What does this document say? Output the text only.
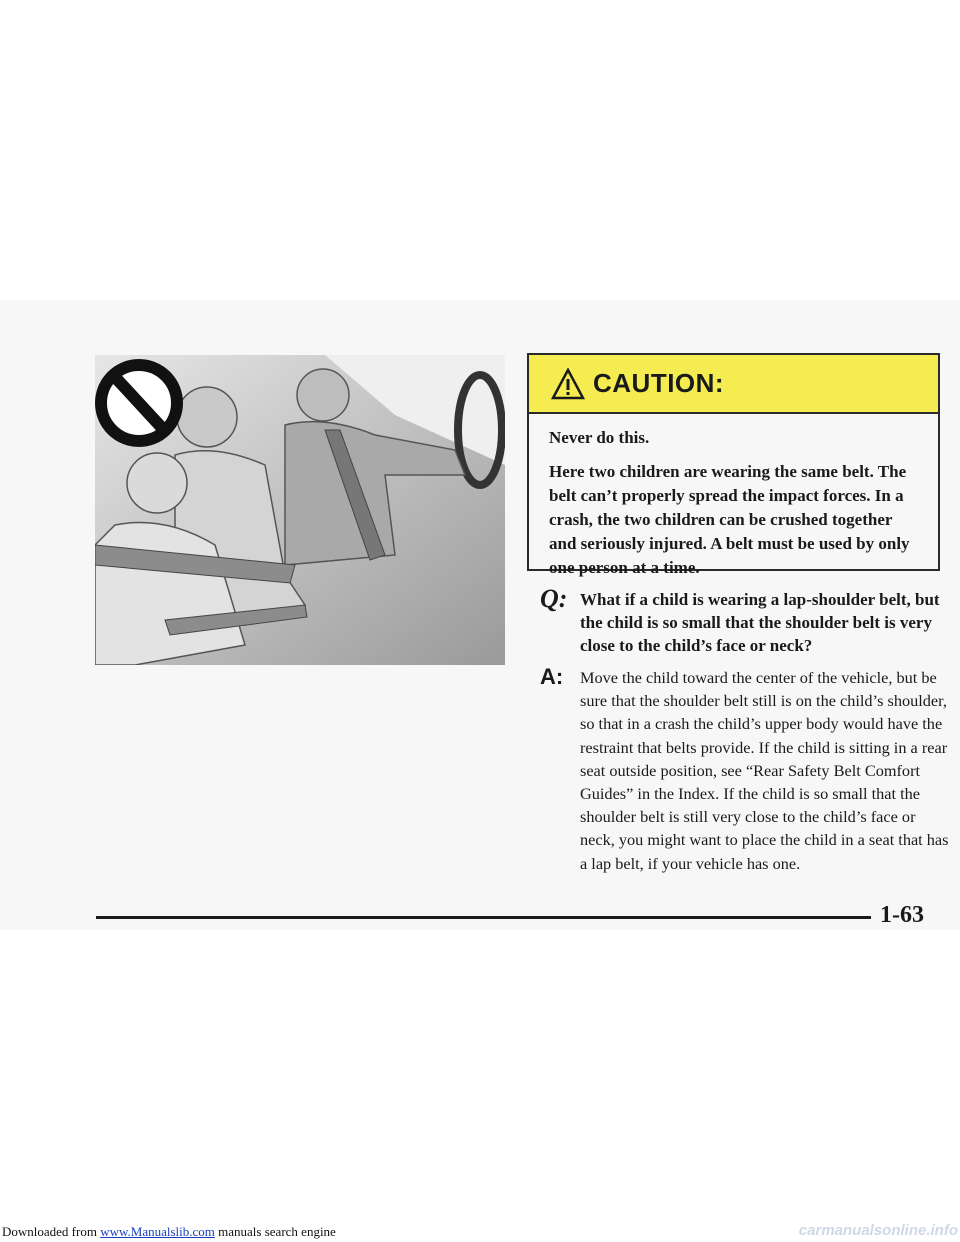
CAUTION:

Never do this.

Here two children are wearing the same belt. The belt can’t properly spread the impact forces. In a crash, the two children can be crushed together and seriously injured. A belt must be used by only one person at a time.

Q: What if a child is wearing a lap-shoulder belt, but the child is so small that the shoulder belt is very close to the child’s face or neck?
A: Move the child toward the center of the vehicle, but be sure that the shoulder belt still is on the child’s shoulder, so that in a crash the child’s upper body would have the restraint that belts provide. If the child is sitting in a rear seat outside position, see “Rear Safety Belt Comfort Guides” in the Index. If the child is so small that the shoulder belt is still very close to the child’s face or neck, you might want to place the child in a seat that has a lap belt, if your vehicle has one.
1-63
Downloaded from www.Manualslib.com manuals search engine	carmanualsonline.info
